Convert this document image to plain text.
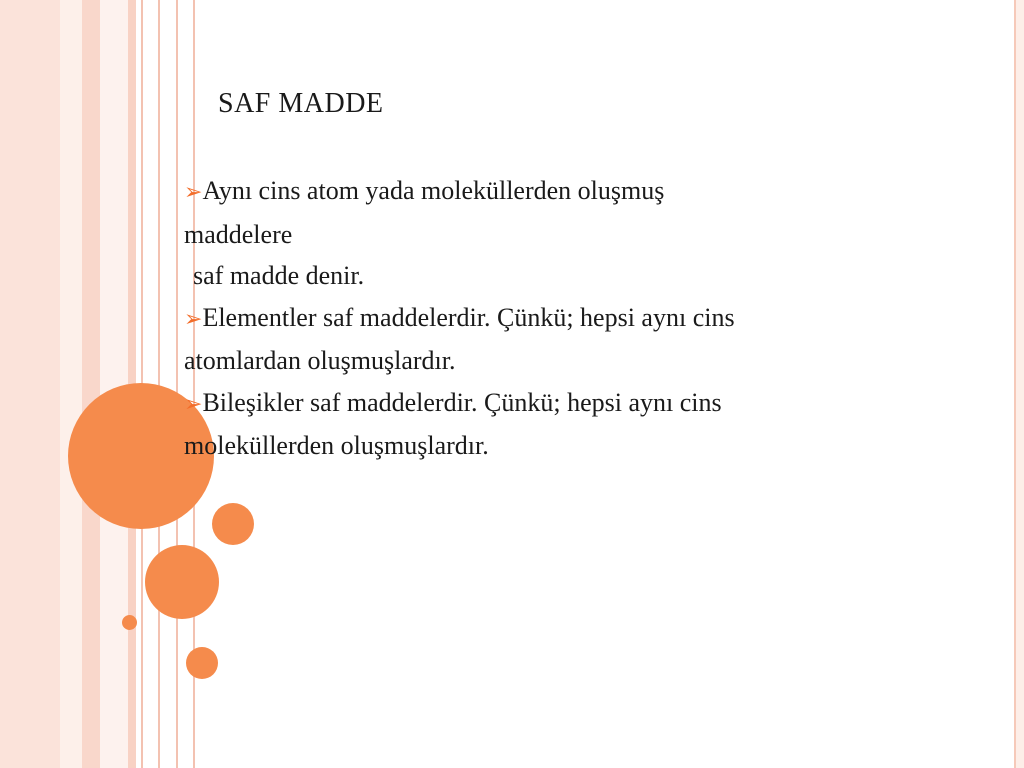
SAF MADDE

➢Aynı cins atom yada moleküllerden oluşmuş
maddelere
saf madde denir.

➢Elementler saf maddelerdir. Çünkü; hepsi aynı cins
atomlardan oluşmuşlardır.

➢Bileşikler saf maddelerdir. Çünkü; hepsi aynı cins
moleküllerden oluşmuşlardır.
